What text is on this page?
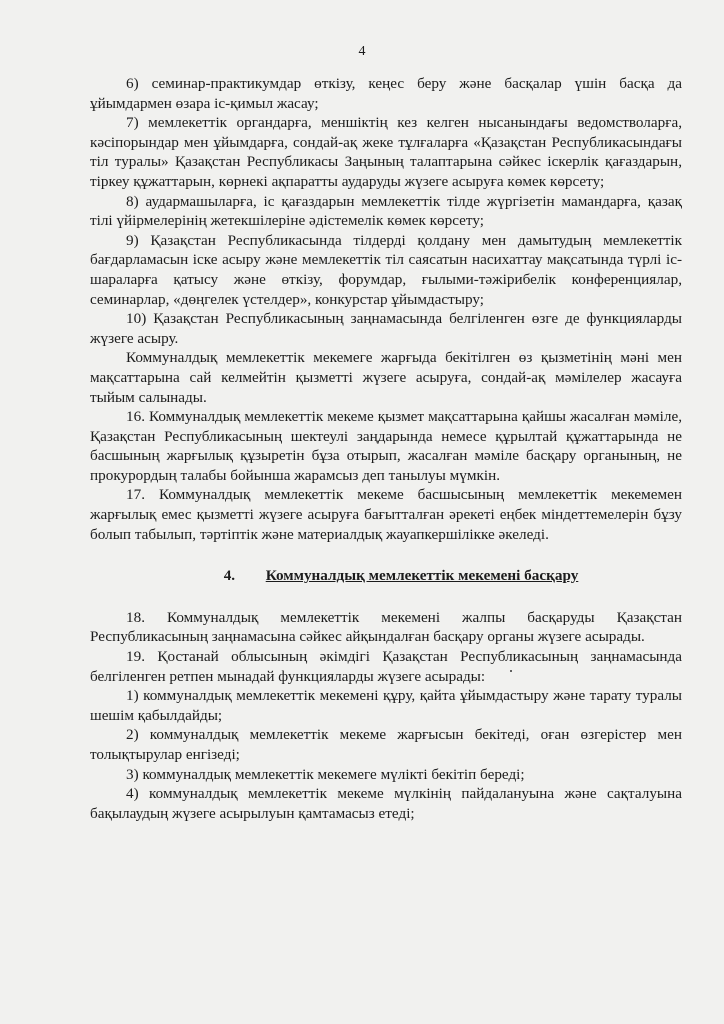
4

6) семинар-практикумдар өткізу, кеңес беру және басқалар үшін басқа да ұйымдармен өзара іс-қимыл жасау;

7) мемлекеттік органдарға, меншіктің кез келген нысанындағы ведомстволарға, кәсіпорындар мен ұйымдарға, сондай-ақ жеке тұлғаларға «Қазақстан Республикасындағы тіл туралы» Қазақстан Республикасы Заңының талаптарына сәйкес іскерлік қағаздарын, тіркеу құжаттарын, көрнекі ақпаратты аударуды жүзеге асыруға көмек көрсету;

8) аудармашыларға, іс қағаздарын мемлекеттік тілде жүргізетін мамандарға, қазақ тілі үйірмелерінің жетекшілеріне әдістемелік көмек көрсету;

9) Қазақстан Республикасында тілдерді қолдану мен дамытудың мемлекеттік бағдарламасын іске асыру және мемлекеттік тіл саясатын насихаттау мақсатында түрлі іс-шараларға қатысу және өткізу, форумдар, ғылыми-тәжірибелік конференциялар, семинарлар, «дөңгелек үстелдер», конкурстар ұйымдастыру;

10) Қазақстан Республикасының заңнамасында белгіленген өзге де функцияларды жүзеге асыру.

Коммуналдық мемлекеттік мекемеге жарғыда бекітілген өз қызметінің мәні мен мақсаттарына сай келмейтін қызметті жүзеге асыруға, сондай-ақ мәмілелер жасауға тыйым салынады.

16. Коммуналдық мемлекеттік мекеме қызмет мақсаттарына қайшы жасалған мәміле, Қазақстан Республикасының шектеулі заңдарында немесе құрылтай құжаттарында не басшының жарғылық құзыретін бұза отырып, жасалған мәміле басқару органының, не прокурордың талабы бойынша жарамсыз деп танылуы мүмкін.

17. Коммуналдық мемлекеттік мекеме басшысының мемлекеттік мекемемен жарғылық емес қызметті жүзеге асыруға бағытталған әрекеті еңбек міндеттемелерін бұзу болып табылып, тәртіптік және материалдық жауапкершілікке әкеледі.

4. Коммуналдық мемлекеттік мекемені басқару

18. Коммуналдық мемлекеттік мекемені жалпы басқаруды Қазақстан Республикасының заңнамасына сәйкес айқындалған басқару органы жүзеге асырады.

19. Қостанай облысының әкімдігі Қазақстан Республикасының заңнамасында белгіленген ретпен мынадай функцияларды жүзеге асырады:

1) коммуналдық мемлекеттік мекемені құру, қайта ұйымдастыру және тарату туралы шешім қабылдайды;

2) коммуналдық мемлекеттік мекеме жарғысын бекітеді, оған өзгерістер мен толықтырулар енгізеді;

3) коммуналдық мемлекеттік мекемеге мүлікті бекітіп береді;

4) коммуналдық мемлекеттік мекеме мүлкінің пайдалануына және сақталуына бақылаудың жүзеге асырылуын қамтамасыз етеді;
